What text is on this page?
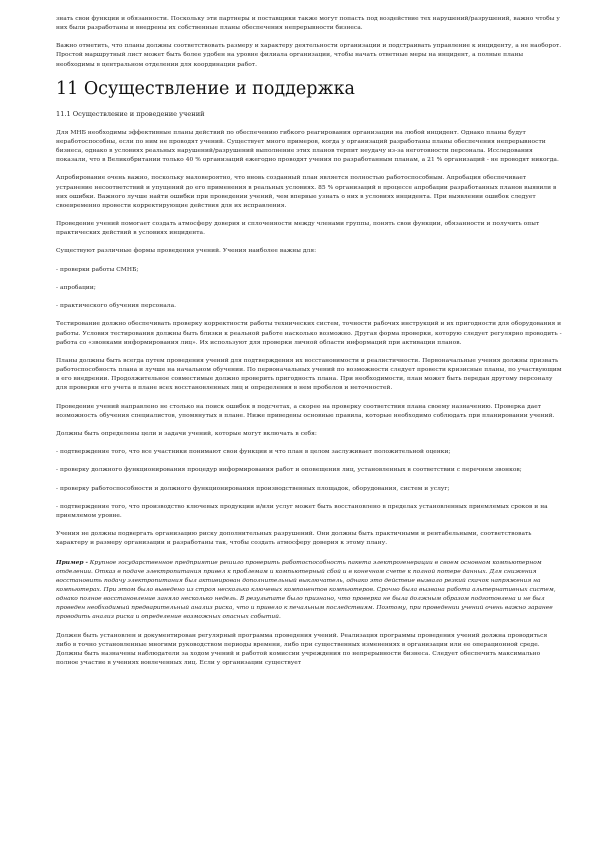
знать свои функции и обязанности. Поскольку эти партнеры и поставщики также могут попасть под воздействие тех нарушений/разрушений, важно чтобы у них были разработаны и внедрены их собственные планы обеспечения непрерывности бизнеса.

Важно отметить, что планы должны соответствовать размеру и характеру деятельности организации и подстраивать управление к инциденту, а не наоборот. Простой маршрутный лист может быть более удобен на уровне филиала организации, чтобы начать ответные меры на инцидент, а полные планы необходимы в центральном отделении для координации работ.

11 Осуществление и поддержка
11.1 Осуществление и проведение учений

Для МНБ необходимы эффективные планы действий по обеспечению гибкого реагирования организации на любой инцидент. Однако планы будут неработоспособны, если по ним не проводят учений. Существует много примеров, когда у организаций разработаны планы обеспечения непрерывности бизнеса, однако в условиях реальных нарушений/разрушений выполнение этих планов терпит неудачу из-за неготовности персонала. Исследования показали, что в Великобритании только 40 % организаций ежегодно проводят учения по разработанным планам, а 21 % организаций - не проводят никогда.

Апробирование очень важно, поскольку маловероятно, что вновь созданный план является полностью работоспособным. Апробация обеспечивает устранение несоответствий и упущений до его применения в реальных условиях. 85 % организаций в процессе апробации разработанных планов выявили в них ошибки. Важного лучше найти ошибки при проведении учений, чем впервые узнать о них в условиях инцидента. При выявлении ошибок следует своевременно провести корректирующие действия для их исправления.

Проведение учений помогает создать атмосферу доверия и сплоченности между членами группы, понять свои функции, обязанности и получить опыт практических действий в условиях инцидента.

Существуют различные формы проведения учений. Учения наиболее важны для:

- проверки работы СМНБ;

- апробации;

- практического обучения персонала.

Тестирование должно обеспечивать проверку корректности работы технических систем, точности рабочих инструкций и их пригодности для оборудования и работы. Условия тестирования должны быть близки к реальной работе насколько возможно. Другая форма проверки, которую следует регулярно проводить - работа со «звонками информирования лиц». Их используют для проверки личной области информаций при активации планов.

Планы должны быть всегда путем проведения учений для подтверждения их восстановимости и реалистичности. Первоначальные учения должны призвать работоспособность плана и лучше на начальном обучении. По первоначальных учений по возможности следует провести кризисные планы, по участвующим в его внедрении. Продолжительное совместимые должно проверить пригодность плана. При необходимости, план может быть передан другому персоналу для проверки его учета в плане всех восстановленных лиц и определения в нем пробелов и неточностей.

Проведение учений направлено не столько на поиск ошибок в подсчетах, а скорее на проверку соответствия плана своему назначению. Проверка дает возможность обучения специалистов, упомянутых в плане. Ниже приведены основные правила, которые необходимо соблюдать при планировании учений.

Должны быть определены цели и задачи учений, которые могут включать в себя:

- подтверждение того, что все участники понимают свои функции и что план в целом заслуживает положительной оценки;

- проверку должного функционирования процедур информирования работ и оповещения лиц, установленных в соответствии с перечнем звонков;

- проверку работоспособности и должного функционирования производственных площадок, оборудования, систем и услуг;

- подтверждение того, что производство ключевых продукции и/или услуг может быть восстановлено в пределах установленных приемлемых сроков и на приемлемом уровне.

Учения не должны подвергать организацию риску дополнительных разрушений. Они должны быть практичными и рентабельными, соответствовать характеру и размеру организации и разработаны так, чтобы создать атмосферу доверия к этому плану.

Пример - Крупное государственное предприятие решило проверить работоспособность пакета электрогенерации в своем основном компьютерном отделении. Отказ в подаче электропитания привел к проблемам и компьютерный сбой и в конечном счете к полной потере данных. Для снижения восстановить подачу электропитания был активирован дополнительный выключатель, однако это действие вызвало резкий скачок напряжения на компьютерах. При этом было выведено из строя несколько ключевых компонентов компьютеров. Срочно была вызвана работа альтернативных систем, однако полное восстановление заняло несколько недель. В результате было признано, что проверка не была должным образом подготовлена и не был проведен необходимый предварительный анализ риска, что и привело к печальным последствиям. Поэтому, при проведении учений очень важно заранее проводить анализ риска и определение возможных опасных событий.

Должен быть установлен и документирован регулярный программа проведения учений. Реализация программы проведения учений должна проводиться либо в точно установленные многими руководством периоды времени, либо при существенных изменениях в организации или ее операционной среде. Должны быть назначены наблюдатели за ходом учений и работой комиссии учреждения по непрерывности бизнеса. Следует обеспечить максимально полное участие в учениях вовлеченных лиц. Если у организации существует
